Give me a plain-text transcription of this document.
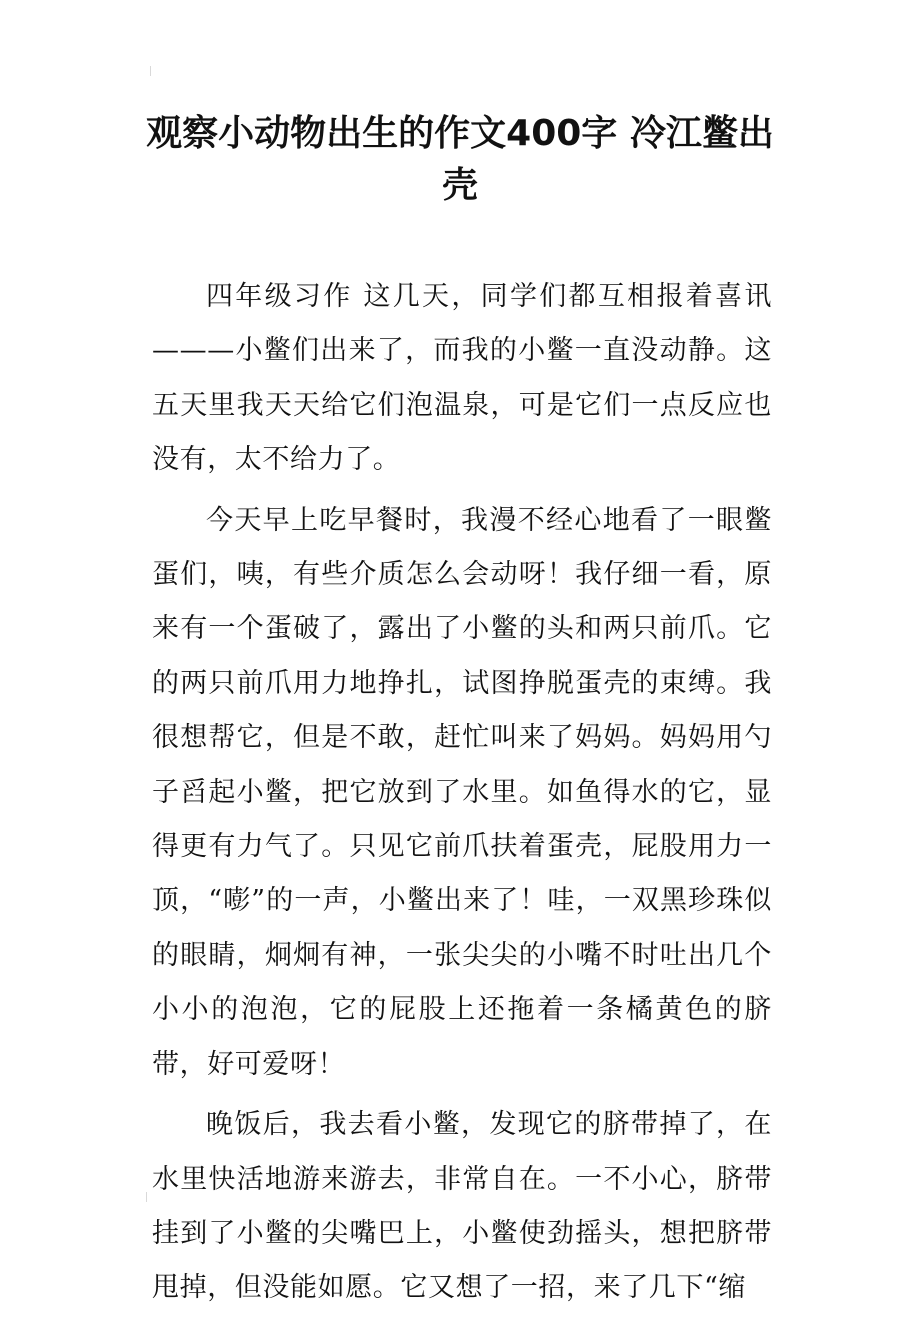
观察小动物出生的作文400字 冷江鳖出壳

四年级习作 这几天，同学们都互相报着喜讯———小鳖们出来了，而我的小鳖一直没动静。这五天里我天天给它们泡温泉，可是它们一点反应也没有，太不给力了。

今天早上吃早餐时，我漫不经心地看了一眼鳖蛋们，咦，有些介质怎么会动呀！我仔细一看，原来有一个蛋破了，露出了小鳖的头和两只前爪。它的两只前爪用力地挣扎，试图挣脱蛋壳的束缚。我很想帮它，但是不敢，赶忙叫来了妈妈。妈妈用勺子舀起小鳖，把它放到了水里。如鱼得水的它，显得更有力气了。只见它前爪扶着蛋壳，屁股用力一顶，“嘭”的一声，小鳖出来了！哇，一双黑珍珠似的眼睛，炯炯有神，一张尖尖的小嘴不时吐出几个小小的泡泡，它的屁股上还拖着一条橘黄色的脐带，好可爱呀！

晚饭后，我去看小鳖，发现它的脐带掉了，在水里快活地游来游去，非常自在。一不小心，脐带挂到了小鳖的尖嘴巴上，小鳖使劲摇头，想把脐带甩掉，但没能如愿。它又想了一招，来了几下“缩
